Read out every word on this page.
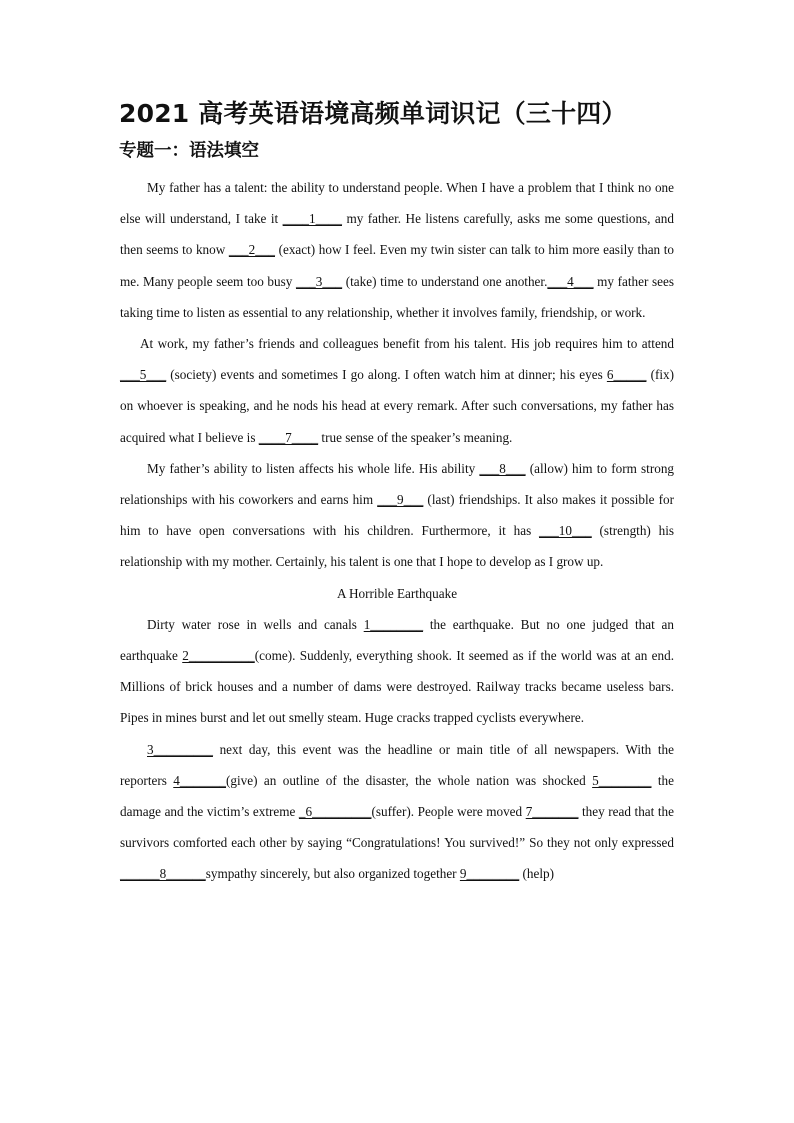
2021 高考英语语境高频单词识记（三十四）
专题一：语法填空

My father has a talent: the ability to understand people. When I have a problem that I think no one else will understand, I take it ____1____ my father. He listens carefully, asks me some questions, and then seems to know ___2___ (exact) how I feel. Even my twin sister can talk to him more easily than to me. Many people seem too busy ___3___ (take) time to understand one another.___4___ my father sees taking time to listen as essential to any relationship, whether it involves family, friendship, or work.

At work, my father’s friends and colleagues benefit from his talent. His job requires him to attend ___5___ (society) events and sometimes I go along. I often watch him at dinner; his eyes 6_____ (fix) on whoever is speaking, and he nods his head at every remark. After such conversations, my father has acquired what I believe is ____7____ true sense of the speaker’s meaning.

My father’s ability to listen affects his whole life. His ability ___8___ (allow) him to form strong relationships with his coworkers and earns him ___9___ (last) friendships. It also makes it possible for him to have open conversations with his children. Furthermore, it has ___10___ (strength) his relationship with my mother. Certainly, his talent is one that I hope to develop as I grow up.

A Horrible Earthquake

Dirty water rose in wells and canals 1________ the earthquake. But no one judged that an earthquake 2__________(come). Suddenly, everything shook. It seemed as if the world was at an end. Millions of brick houses and a number of dams were destroyed. Railway tracks became useless bars. Pipes in mines burst and let out smelly steam. Huge cracks trapped cyclists everywhere.

3_________ next day, this event was the headline or main title of all newspapers. With the reporters 4_______(give) an outline of the disaster, the whole nation was shocked 5________ the damage and the victim’s extreme _6_________(suffer). People were moved 7_______ they read that the survivors comforted each other by saying “Congratulations! You survived!” So they not only expressed ______8______sympathy sincerely, but also organized together 9________ (help)
